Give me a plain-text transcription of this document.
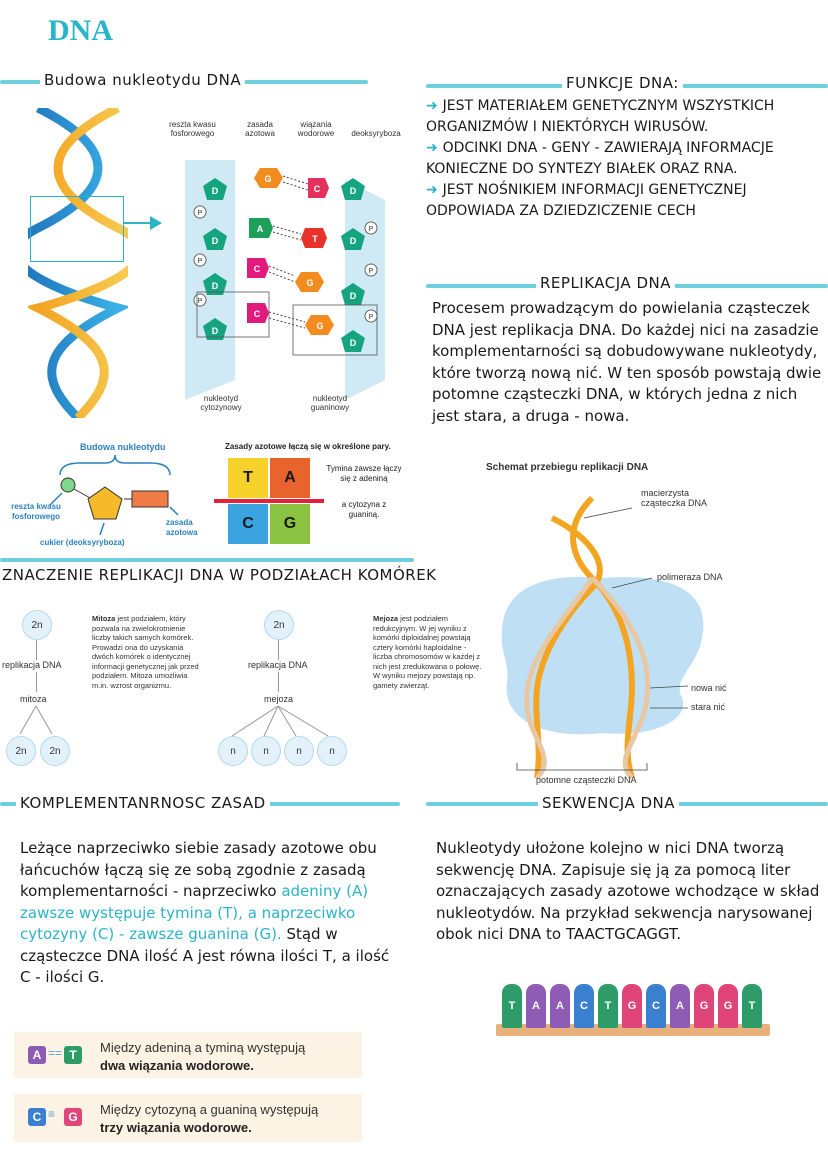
DNA
Budowa nukleotydu DNA
D
G
C	D
D
A
T	D
D
C
G
D
D
C
G
D
P
P
P
P
P
P
reszta kwasu fosforowego
zasada azotowa
wiązania wodorowe	deoksyryboza
nukleotyd cytozynowy
nukleotyd guaninowy
Budowa nukleotydu
reszta kwasu fosforowego
cukier (deoksyryboza)
zasada azotowa
Zasady azotowe łączą się w określone pary.
T	A
C	G
Tymina zawsze łączy się z adeniną
a cytozyna z guaniną.
FUNKCJE DNA:
➜ JEST MATERIAŁEM GENETYCZNYM WSZYSTKICH ORGANIZMÓW I NIEKTÓRYCH WIRUSÓW.
➜ ODCINKI DNA - GENY - ZAWIERAJĄ INFORMACJE KONIECZNE DO SYNTEZY BIAŁEK ORAZ RNA.
➜ JEST NOŚNIKIEM INFORMACJI GENETYCZNEJ ODPOWIADA ZA DZIEDZICZENIE CECH
REPLIKACJA DNA
Procesem prowadzącym do powielania cząsteczek DNA jest replikacja DNA. Do każdej nici na zasadzie komplementarności są dobudowywane nukleotydy, które tworzą nową nić. W ten sposób powstają dwie potomne cząsteczki DNA, w których jedna z nich jest stara, a druga - nowa.
Schemat przebiegu replikacji DNA
macierzysta cząsteczka DNA
polimeraza DNA
nowa nić
stara nić
potomne cząsteczki DNA
ZNACZENIE REPLIKACJI DNA W PODZIAŁACH KOMÓREK
2n
replikacja DNA
mitoza
2n	2n
Mitoza jest podziałem, który pozwala na zwielokrotnienie liczby takich samych komórek. Prowadzi ona do uzyskania dwóch komórek o identycznej informacji genetycznej jak przed podziałem. Mitoza umożliwia m.in. wzrost organizmu.
2n
replikacja DNA
mejoza
n	n	n	n
Mejoza jest podziałem redukcyjnym. W jej wyniku z komórki diploidalnej powstają cztery komórki haploidalne - liczba chromosomów w każdej z nich jest zredukowana o połowę. W wyniku mejozy powstają np. gamety zwierząt.
KOMPLEMENTANRNOSC ZASAD
Leżące naprzeciwko siebie zasady azotowe obu łańcuchów łączą się ze sobą zgodnie z zasadą komplementarności - naprzeciwko adeniny (A) zawsze występuje tymina (T), a naprzeciwko cytozyny (C) - zawsze guanina (G). Stąd w cząsteczce DNA ilość A jest równa ilości T, a ilość C - ilości G.
A == T	Między adeniną a tyminą występują
dwa wiązania wodorowe.
C ≡	G	Między cytozyną a guaniną występują
trzy wiązania wodorowe.
SEKWENCJA DNA
Nukleotydy ułożone kolejno w nici DNA tworzą sekwencję DNA. Zapisuje się ją za pomocą liter oznaczających zasady azotowe wchodzące w skład nukleotydów. Na przykład sekwencja narysowanej obok nici DNA to TAACTGCAGGT.
T	A	A	C	T	G	C	A	G	G	T
